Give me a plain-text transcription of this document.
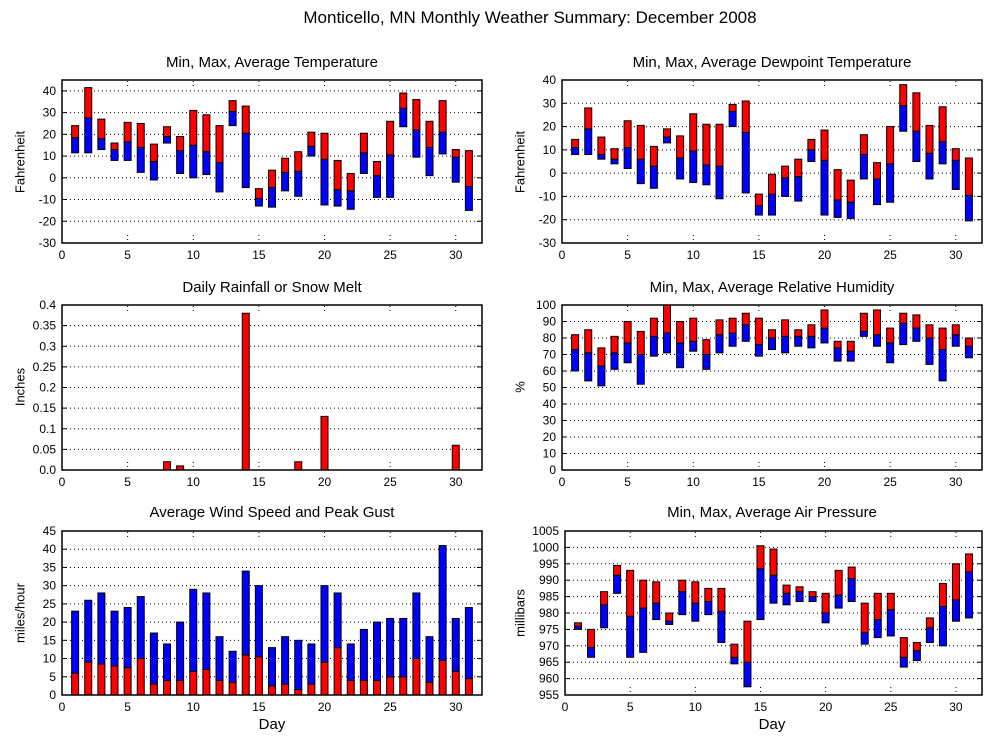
Monticello, MN Monthly Weather Summary: December 2008
Min, Max, Average Temperature
Fahrenheit
-30
-20
-10
0
10
20
30
40
0	5	10	15	20	25	30
Min, Max, Average Dewpoint Temperature
Fahrenheit
-30
-20
-10
0
10
20
30
40
0	5	10	15	20	25	30
Daily Rainfall or Snow Melt
Inches
0.0
0.05
0.1
0.15
0.2
0.25
0.3
0.35
0.4
0	5	10	15	20	25	30
Min, Max, Average Relative Humidity
%
0
10
20
30
40
50
60
70
80
90
100
0	5	10	15	20	25	30
Average Wind Speed and Peak Gust
miles/hour
0
5
10
15
20
25
30
35
40
45
0	5	10	15	20	25	30
Day
Min, Max, Average Air Pressure
millibars
955
960
965
970
975
980
985
990
995
1000
1005
0	5	10	15	20	25	30
Day
